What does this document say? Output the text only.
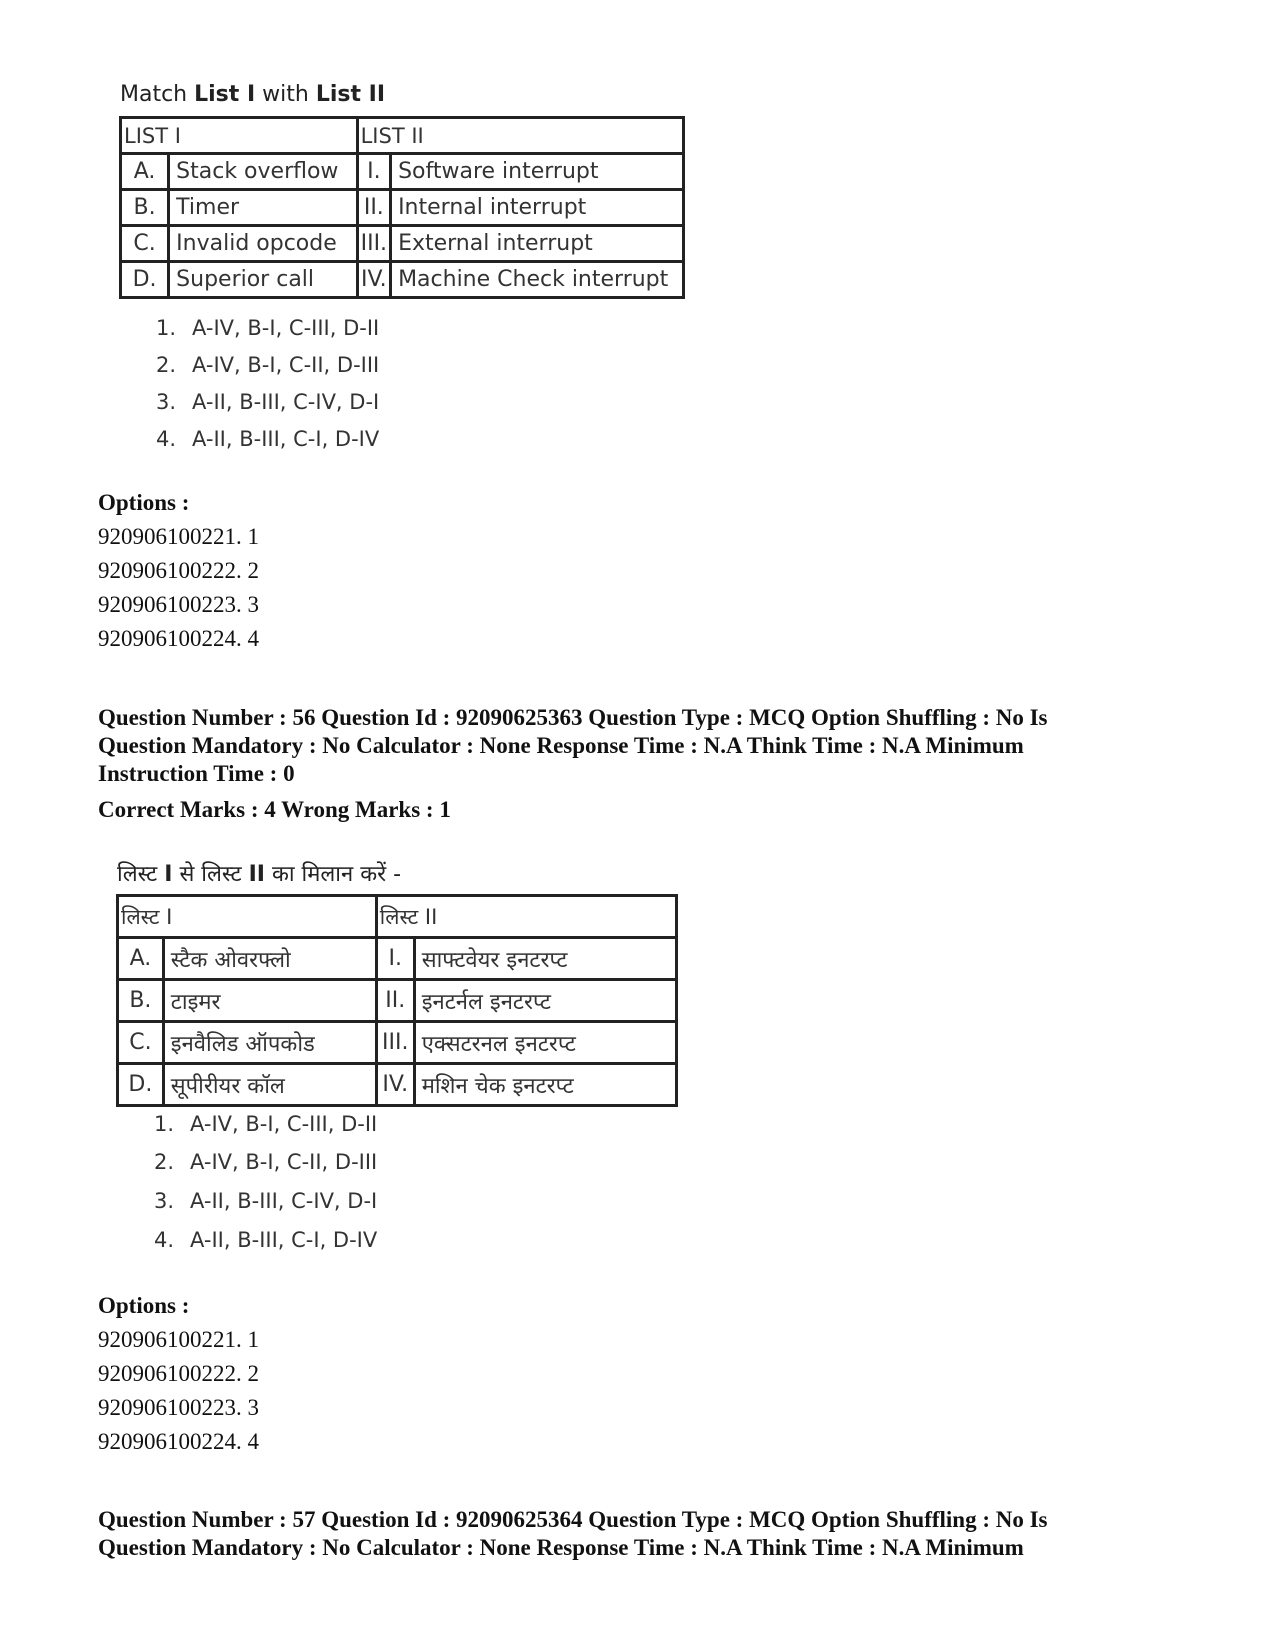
Match List I with List II
LIST I		LIST II	
A.	Stack overflow	I.	Software interrupt
B.	Timer	II.	Internal interrupt
C.	Invalid opcode	III.	External interrupt
D.	Superior call	IV.	Machine Check interrupt
1. A-IV, B-I, C-III, D-II
2. A-IV, B-I, C-II, D-III
3. A-II, B-III, C-IV, D-I
4. A-II, B-III, C-I, D-IV
Options :
920906100221. 1
920906100222. 2
920906100223. 3
920906100224. 4
Question Number : 56 Question Id : 92090625363 Question Type : MCQ Option Shuffling : No Is
Question Mandatory : No Calculator : None Response Time : N.A Think Time : N.A Minimum
Instruction Time : 0
Correct Marks : 4 Wrong Marks : 1
लिस्ट I से लिस्ट II का मिलान करें -
लिस्ट I		लिस्ट II	
A.	स्टैक ओवरफ्लो	I.	साफ्टवेयर इनटरप्ट
B.	टाइमर	II.	इनटर्नल इनटरप्ट
C.	इनवैलिड ऑपकोड	III.	एक्सटरनल इनटरप्ट
D.	सूपीरीयर कॉल	IV.	मशिन चेक इनटरप्ट
1. A-IV, B-I, C-III, D-II
2. A-IV, B-I, C-II, D-III
3. A-II, B-III, C-IV, D-I
4. A-II, B-III, C-I, D-IV
Options :
920906100221. 1
920906100222. 2
920906100223. 3
920906100224. 4
Question Number : 57 Question Id : 92090625364 Question Type : MCQ Option Shuffling : No Is
Question Mandatory : No Calculator : None Response Time : N.A Think Time : N.A Minimum
